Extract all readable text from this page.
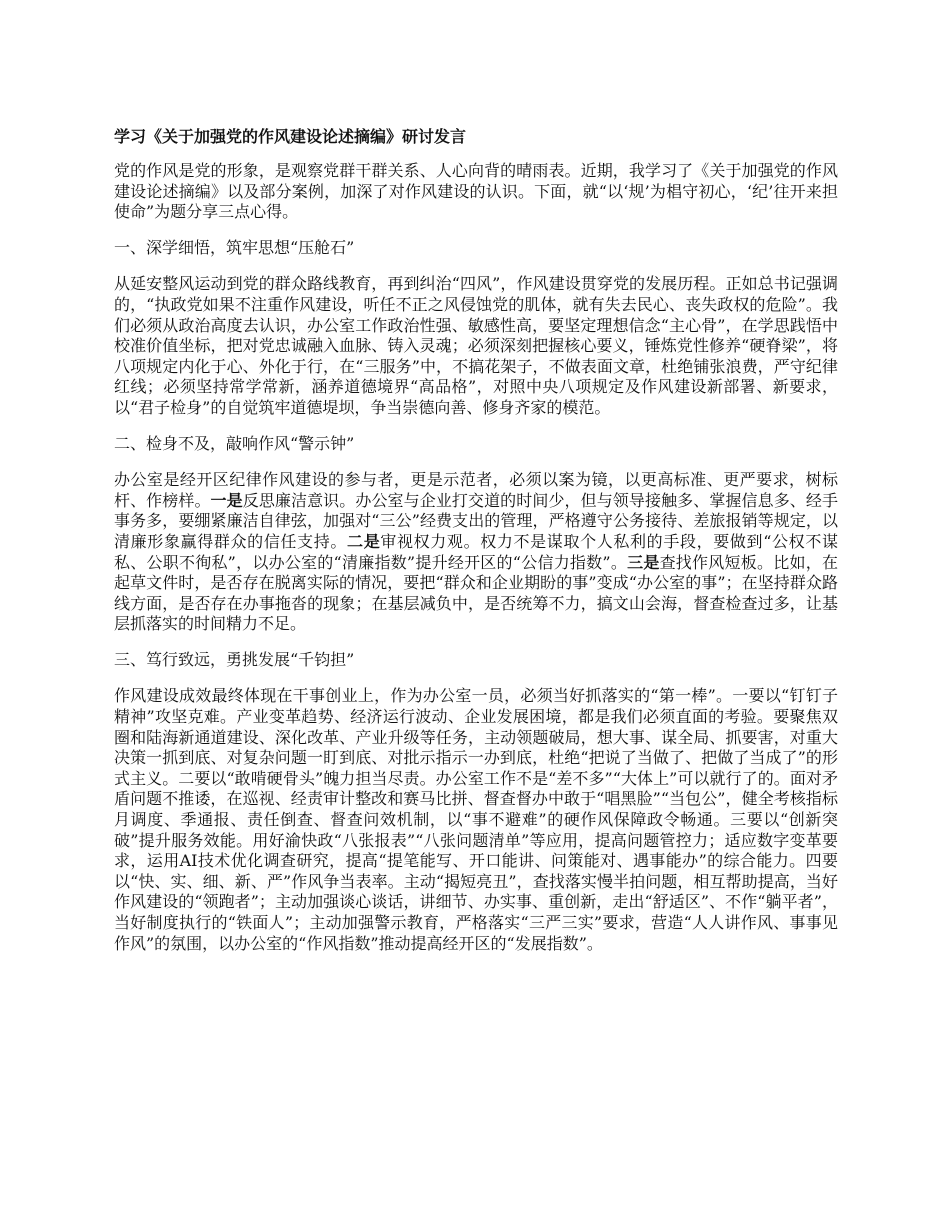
学习《关于加强党的作风建设论述摘编》研讨发言

党的作风是党的形象，是观察党群干群关系、人心向背的晴雨表。近期，我学习了《关于加强党的作风建设论述摘编》以及部分案例，加深了对作风建设的认识。下面，就“以‘规’为椙守初心，‘纪’往开来担使命”为题分享三点心得。

一、深学细悟，筑牢思想“压舱石”

从延安整风运动到党的群众路线教育，再到纠治“四风”，作风建设贯穿党的发展历程。正如总书记强调的，“执政党如果不注重作风建设，听任不正之风侵蚀党的肌体，就有失去民心、丧失政权的危险”。我们必须从政治高度去认识，办公室工作政治性强、敏感性高，要坚定理想信念“主心骨”，在学思践悟中校准价值坐标，把对党忠诚融入血脉、铸入灵魂；必须深刻把握核心要义，锤炼党性修养“硬脊梁”，将八项规定内化于心、外化于行，在“三服务”中，不搞花架子，不做表面文章，杜绝铺张浪费，严守纪律红线；必须坚持常学常新，涵养道德境界“高品格”，对照中央八项规定及作风建设新部署、新要求，以“君子检身”的自觉筑牢道德堤坝，争当崇德向善、修身齐家的模范。

二、检身不及，敲响作风“警示钟”

办公室是经开区纪律作风建设的参与者，更是示范者，必须以案为镜，以更高标准、更严要求，树标杆、作榜样。一是反思廉洁意识。办公室与企业打交道的时间少，但与领导接触多、掌握信息多、经手事务多，要绷紧廉洁自律弦，加强对“三公”经费支出的管理，严格遵守公务接待、差旅报销等规定，以清廉形象赢得群众的信任支持。二是审视权力观。权力不是谋取个人私利的手段，要做到“公权不谋私、公职不徇私”，以办公室的“清廉指数”提升经开区的“公信力指数”。三是查找作风短板。比如，在起草文件时，是否存在脱离实际的情况，要把“群众和企业期盼的事”变成“办公室的事”；在坚持群众路线方面，是否存在办事拖沓的现象；在基层减负中，是否统筹不力，搞文山会海，督查检查过多，让基层抓落实的时间精力不足。

三、笃行致远，勇挑发展“千钧担”

作风建设成效最终体现在干事创业上，作为办公室一员，必须当好抓落实的“第一棒”。一要以“钉钉子精神”攻坚克难。产业变革趋势、经济运行波动、企业发展困境，都是我们必须直面的考验。要聚焦双圈和陆海新通道建设、深化改革、产业升级等任务，主动领题破局，想大事、谋全局、抓要害，对重大决策一抓到底、对复杂问题一盯到底、对批示指示一办到底，杜绝“把说了当做了、把做了当成了”的形式主义。二要以“敢啃硬骨头”魄力担当尽责。办公室工作不是“差不多”“大体上”可以就行了的。面对矛盾问题不推诿，在巡视、经责审计整改和赛马比拼、督查督办中敢于“唱黑脸”“当包公”，健全考核指标月调度、季通报、责任倒查、督查问效机制，以“事不避难”的硬作风保障政令畅通。三要以“创新突破”提升服务效能。用好渝快政“八张报表”“八张问题清单”等应用，提高问题管控力；适应数字变革要求，运用AI技术优化调查研究，提高“提笔能写、开口能讲、问策能对、遇事能办”的综合能力。四要以“快、实、细、新、严”作风争当表率。主动“揭短亮丑”，查找落实慢半拍问题，相互帮助提高，当好作风建设的“领跑者”；主动加强谈心谈话，讲细节、办实事、重创新，走出“舒适区”、不作“躺平者”，当好制度执行的“铁面人”；主动加强警示教育，严格落实“三严三实”要求，营造“人人讲作风、事事见作风”的氛围，以办公室的“作风指数”推动提高经开区的“发展指数”。
